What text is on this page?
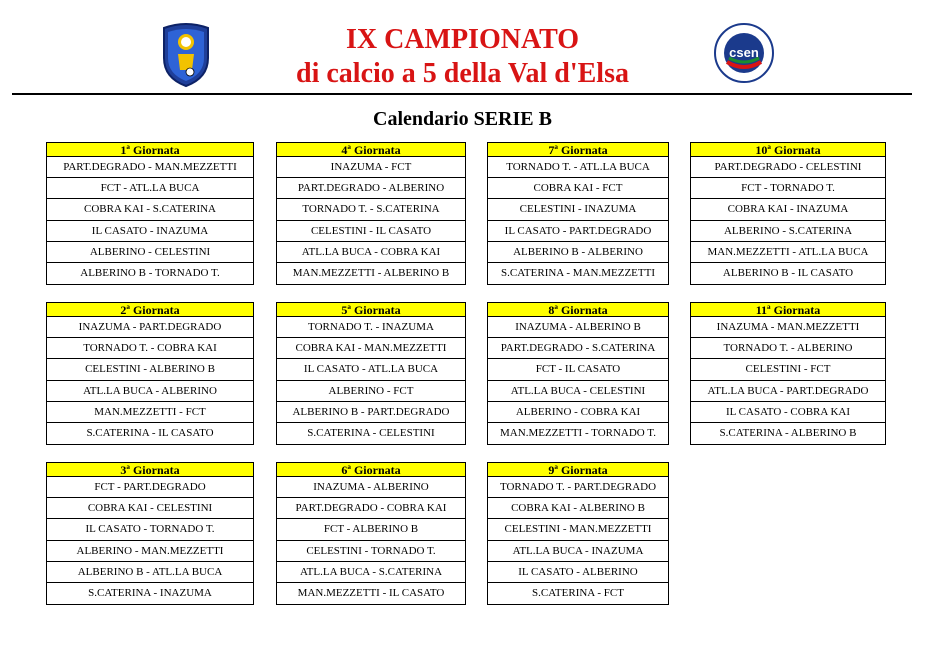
csen
IX CAMPIONATO
di calcio a 5 della Val d'Elsa
Calendario SERIE B
1ª Giornata
PART.DEGRADO - MAN.MEZZETTI
FCT - ATL.LA BUCA
COBRA KAI - S.CATERINA
IL CASATO - INAZUMA
ALBERINO - CELESTINI
ALBERINO B - TORNADO T.
2ª Giornata
INAZUMA - PART.DEGRADO
TORNADO T. - COBRA KAI
CELESTINI - ALBERINO B
ATL.LA BUCA - ALBERINO
MAN.MEZZETTI - FCT
S.CATERINA - IL CASATO
3ª Giornata
FCT - PART.DEGRADO
COBRA KAI - CELESTINI
IL CASATO - TORNADO T.
ALBERINO - MAN.MEZZETTI
ALBERINO B - ATL.LA BUCA
S.CATERINA - INAZUMA
4ª Giornata
INAZUMA - FCT
PART.DEGRADO - ALBERINO
TORNADO T. - S.CATERINA
CELESTINI - IL CASATO
ATL.LA BUCA - COBRA KAI
MAN.MEZZETTI - ALBERINO B
5ª Giornata
TORNADO T. - INAZUMA
COBRA KAI - MAN.MEZZETTI
IL CASATO - ATL.LA BUCA
ALBERINO - FCT
ALBERINO B - PART.DEGRADO
S.CATERINA - CELESTINI
6ª Giornata
INAZUMA - ALBERINO
PART.DEGRADO - COBRA KAI
FCT - ALBERINO B
CELESTINI - TORNADO T.
ATL.LA BUCA - S.CATERINA
MAN.MEZZETTI - IL CASATO
7ª Giornata
TORNADO T. - ATL.LA BUCA
COBRA KAI - FCT
CELESTINI - INAZUMA
IL CASATO - PART.DEGRADO
ALBERINO B - ALBERINO
S.CATERINA - MAN.MEZZETTI
8ª Giornata
INAZUMA - ALBERINO B
PART.DEGRADO - S.CATERINA
FCT - IL CASATO
ATL.LA BUCA - CELESTINI
ALBERINO - COBRA KAI
MAN.MEZZETTI - TORNADO T.
9ª Giornata
TORNADO T. - PART.DEGRADO
COBRA KAI - ALBERINO B
CELESTINI - MAN.MEZZETTI
ATL.LA BUCA - INAZUMA
IL CASATO - ALBERINO
S.CATERINA - FCT
10ª Giornata
PART.DEGRADO - CELESTINI
FCT - TORNADO T.
COBRA KAI - INAZUMA
ALBERINO - S.CATERINA
MAN.MEZZETTI - ATL.LA BUCA
ALBERINO B - IL CASATO
11ª Giornata
INAZUMA - MAN.MEZZETTI
TORNADO T. - ALBERINO
CELESTINI - FCT
ATL.LA BUCA - PART.DEGRADO
IL CASATO - COBRA KAI
S.CATERINA - ALBERINO B
